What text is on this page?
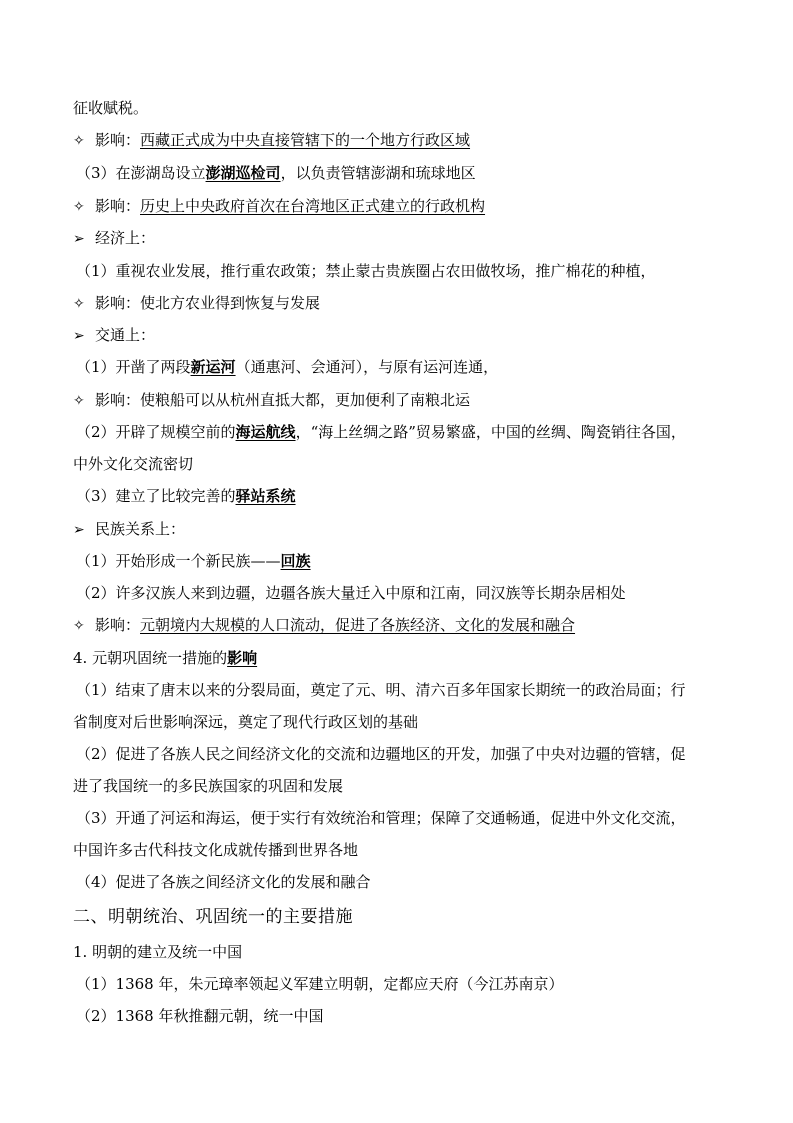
征收赋税。
✧ 影响：西藏正式成为中央直接管辖下的一个地方行政区域
（3）在澎湖岛设立澎湖巡检司，以负责管辖澎湖和琉球地区
✧ 影响：历史上中央政府首次在台湾地区正式建立的行政机构
➢ 经济上：
（1）重视农业发展，推行重农政策；禁止蒙古贵族圈占农田做牧场，推广棉花的种植，
✧ 影响：使北方农业得到恢复与发展
➢ 交通上：
（1）开凿了两段新运河（通惠河、会通河），与原有运河连通，
✧ 影响：使粮船可以从杭州直抵大都，更加便利了南粮北运
（2）开辟了规模空前的海运航线，“海上丝绸之路”贸易繁盛，中国的丝绸、陶瓷销往各国，
中外文化交流密切
（3）建立了比较完善的驿站系统
➢ 民族关系上：
（1）开始形成一个新民族——回族
（2）许多汉族人来到边疆，边疆各族大量迁入中原和江南，同汉族等长期杂居相处
✧ 影响：元朝境内大规模的人口流动，促进了各族经济、文化的发展和融合
4. 元朝巩固统一措施的影响
（1）结束了唐末以来的分裂局面，奠定了元、明、清六百多年国家长期统一的政治局面；行
省制度对后世影响深远，奠定了现代行政区划的基础
（2）促进了各族人民之间经济文化的交流和边疆地区的开发，加强了中央对边疆的管辖，促
进了我国统一的多民族国家的巩固和发展
（3）开通了河运和海运，便于实行有效统治和管理；保障了交通畅通，促进中外文化交流，
中国许多古代科技文化成就传播到世界各地
（4）促进了各族之间经济文化的发展和融合
二、明朝统治、巩固统一的主要措施
1. 明朝的建立及统一中国
（1）1368 年，朱元璋率领起义军建立明朝，定都应天府（今江苏南京）
（2）1368 年秋推翻元朝，统一中国
